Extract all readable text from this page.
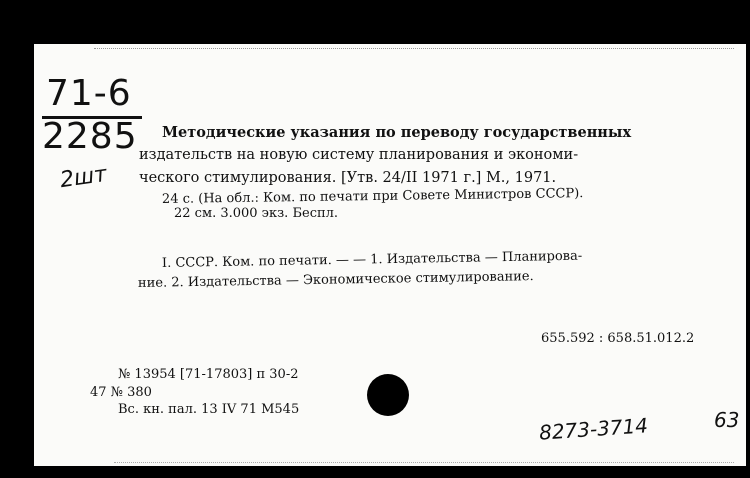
71-6
2285
2шт
Методические указания по переводу государственных
издательств на новую систему планирования и экономи-
ческого стимулирования. [Утв. 24/II 1971 г.] М., 1971.
24 с. (На обл.: Ком. по печати при Совете Министров СССР).
22 см. 3.000 экз. Беспл.
I. СССР. Ком. по печати. — — 1. Издательства — Планирова-
ние. 2. Издательства — Экономическое стимулирование.
655.592 : 658.51.012.2
№ 13954 [71-17803] п 30-2
47 № 380
Вс. кн. пал. 13 IV 71 М545
8273-3714	63
